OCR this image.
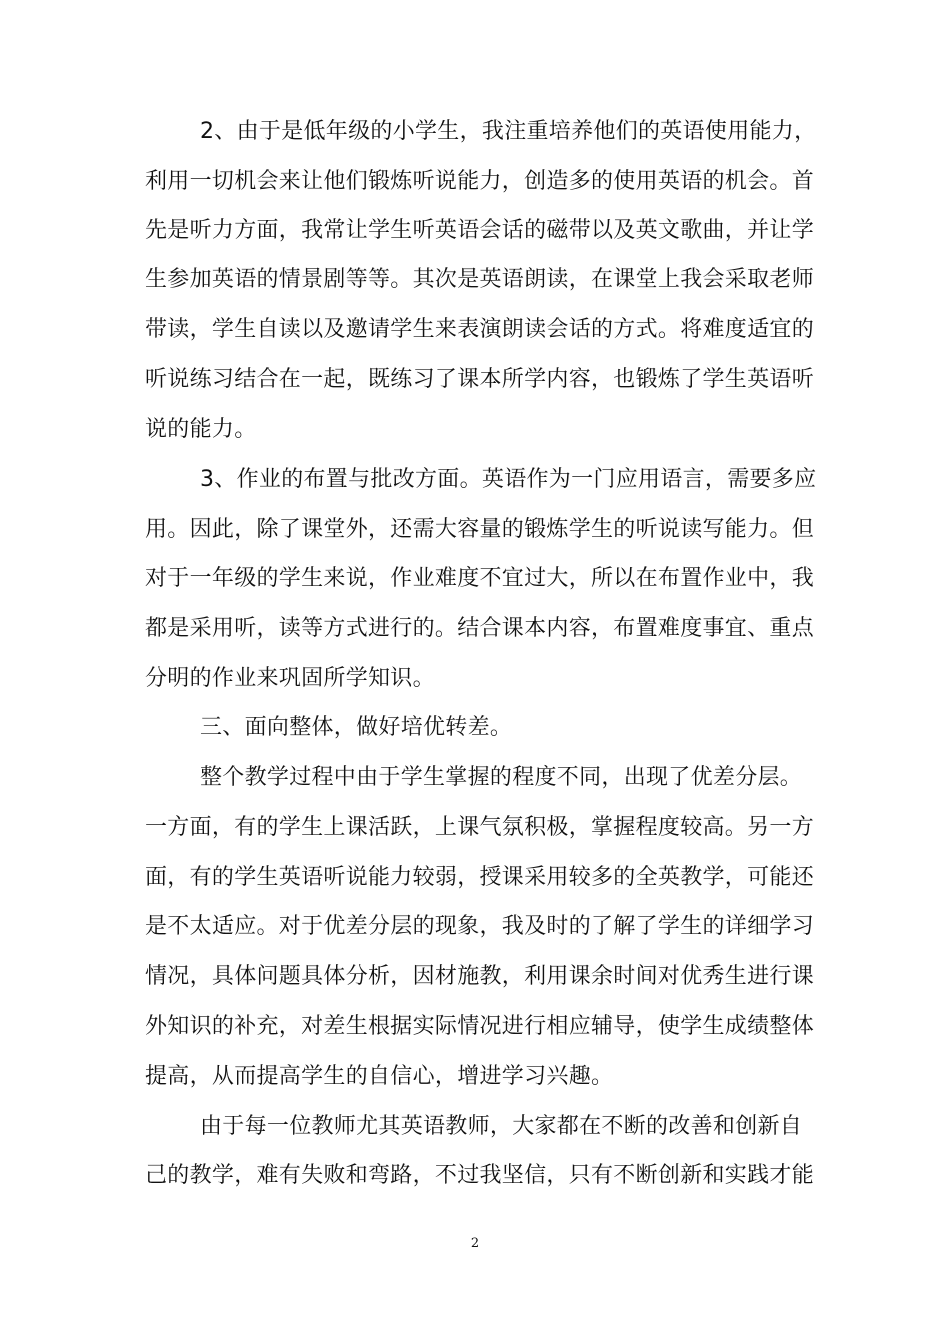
2、由于是低年级的小学生，我注重培养他们的英语使用能力，
利用一切机会来让他们锻炼听说能力，创造多的使用英语的机会。首
先是听力方面，我常让学生听英语会话的磁带以及英文歌曲，并让学
生参加英语的情景剧等等。其次是英语朗读，在课堂上我会采取老师
带读，学生自读以及邀请学生来表演朗读会话的方式。将难度适宜的
听说练习结合在一起，既练习了课本所学内容，也锻炼了学生英语听
说的能力。
3、作业的布置与批改方面。英语作为一门应用语言，需要多应
用。因此，除了课堂外，还需大容量的锻炼学生的听说读写能力。但
对于一年级的学生来说，作业难度不宜过大，所以在布置作业中，我
都是采用听，读等方式进行的。结合课本内容，布置难度事宜、重点
分明的作业来巩固所学知识。
三、面向整体，做好培优转差。
整个教学过程中由于学生掌握的程度不同，出现了优差分层。
一方面，有的学生上课活跃，上课气氛积极，掌握程度较高。另一方
面，有的学生英语听说能力较弱，授课采用较多的全英教学，可能还
是不太适应。对于优差分层的现象，我及时的了解了学生的详细学习
情况，具体问题具体分析，因材施教，利用课余时间对优秀生进行课
外知识的补充，对差生根据实际情况进行相应辅导，使学生成绩整体
提高，从而提高学生的自信心，增进学习兴趣。
由于每一位教师尤其英语教师，大家都在不断的改善和创新自
己的教学，难有失败和弯路，不过我坚信，只有不断创新和实践才能
2
